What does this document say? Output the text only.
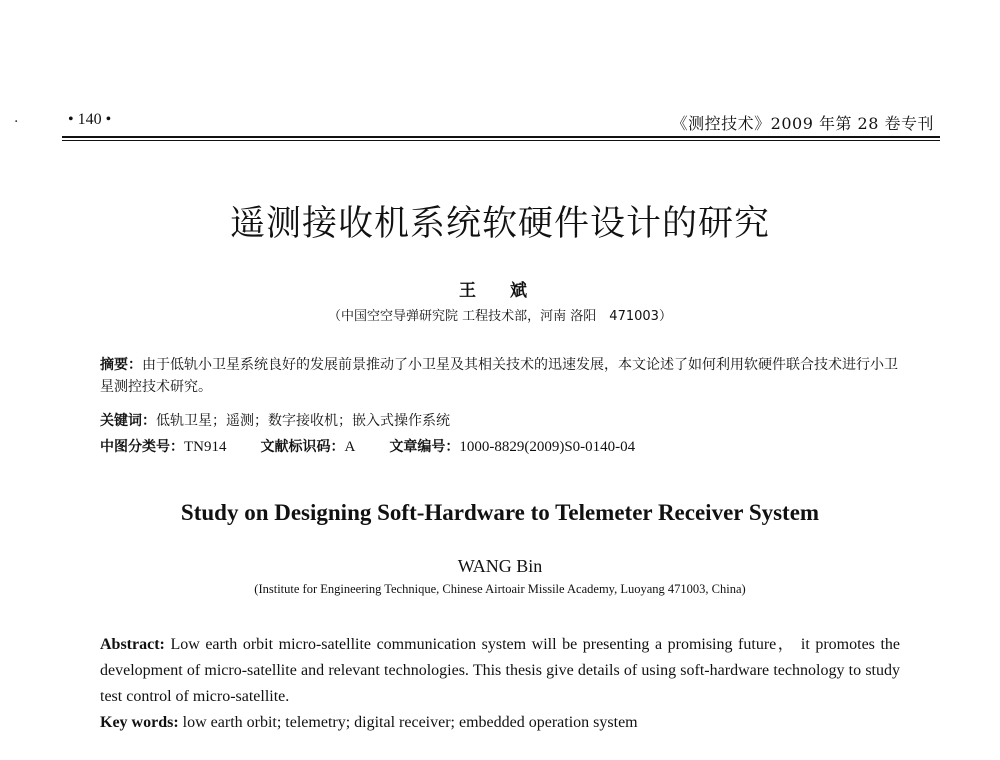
·	• 140 •	《测控技术》2009 年第 28 卷专刊
遥测接收机系统软硬件设计的研究
王 斌
（中国空空导弹研究院 工程技术部，河南 洛阳　471003）
摘要：由于低轨小卫星系统良好的发展前景推动了小卫星及其相关技术的迅速发展，本文论述了如何利用软硬件联合技术进行小卫星测控技术研究。
关键词：低轨卫星；遥测；数字接收机；嵌入式操作系统
中图分类号：TN914 文献标识码：A 文章编号：1000-8829(2009)S0-0140-04
Study on Designing Soft-Hardware to Telemeter Receiver System
WANG Bin
(Institute for Engineering Technique, Chinese Airtoair Missile Academy, Luoyang 471003, China)
Abstract: Low earth orbit micro-satellite communication system will be presenting a promising future， it promotes the development of micro-satellite and relevant technologies. This thesis give details of using soft-hardware technology to study test control of micro-satellite.
Key words: low earth orbit; telemetry; digital receiver; embedded operation system
